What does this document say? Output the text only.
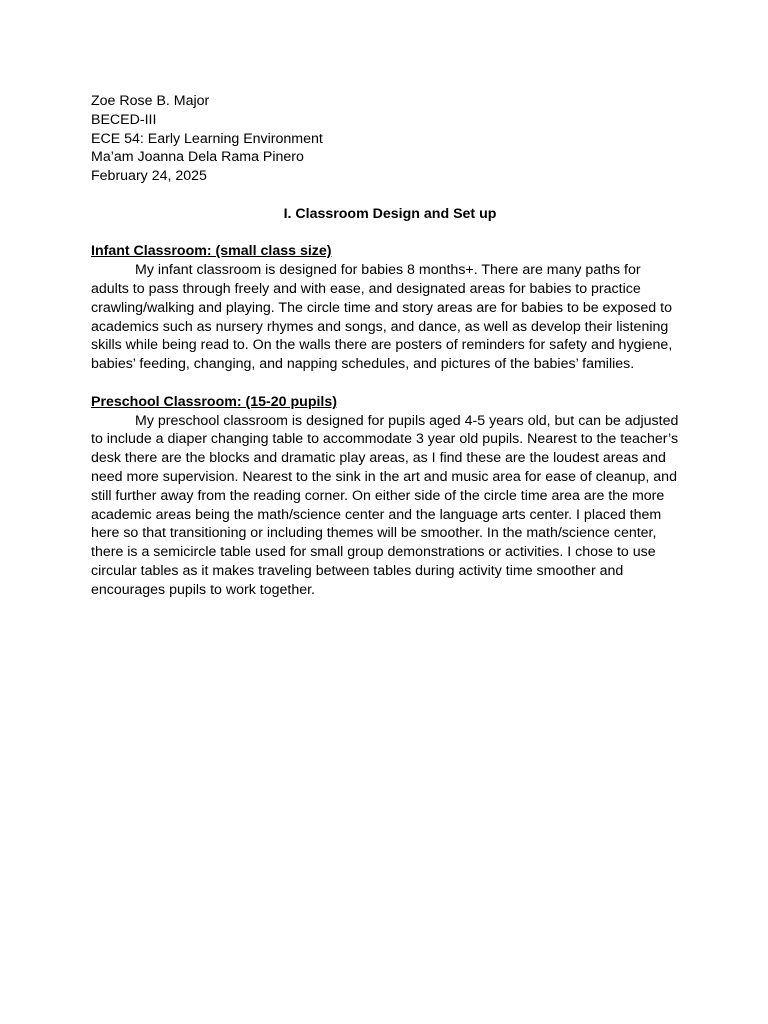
Zoe Rose B. Major
BECED-III
ECE 54: Early Learning Environment
Ma’am Joanna Dela Rama Pinero
February 24, 2025
I. Classroom Design and Set up
Infant Classroom: (small class size)

My infant classroom is designed for babies 8 months+. There are many paths for adults to pass through freely and with ease, and designated areas for babies to practice crawling/walking and playing. The circle time and story areas are for babies to be exposed to academics such as nursery rhymes and songs, and dance, as well as develop their listening skills while being read to. On the walls there are posters of reminders for safety and hygiene, babies’ feeding, changing, and napping schedules, and pictures of the babies’ families.

Preschool Classroom: (15-20 pupils)

My preschool classroom is designed for pupils aged 4-5 years old, but can be adjusted to include a diaper changing table to accommodate 3 year old pupils. Nearest to the teacher’s desk there are the blocks and dramatic play areas, as I find these are the loudest areas and need more supervision. Nearest to the sink in the art and music area for ease of cleanup, and still further away from the reading corner. On either side of the circle time area are the more academic areas being the math/science center and the language arts center. I placed them here so that transitioning or including themes will be smoother. In the math/science center, there is a semicircle table used for small group demonstrations or activities. I chose to use circular tables as it makes traveling between tables during activity time smoother and encourages pupils to work together.
